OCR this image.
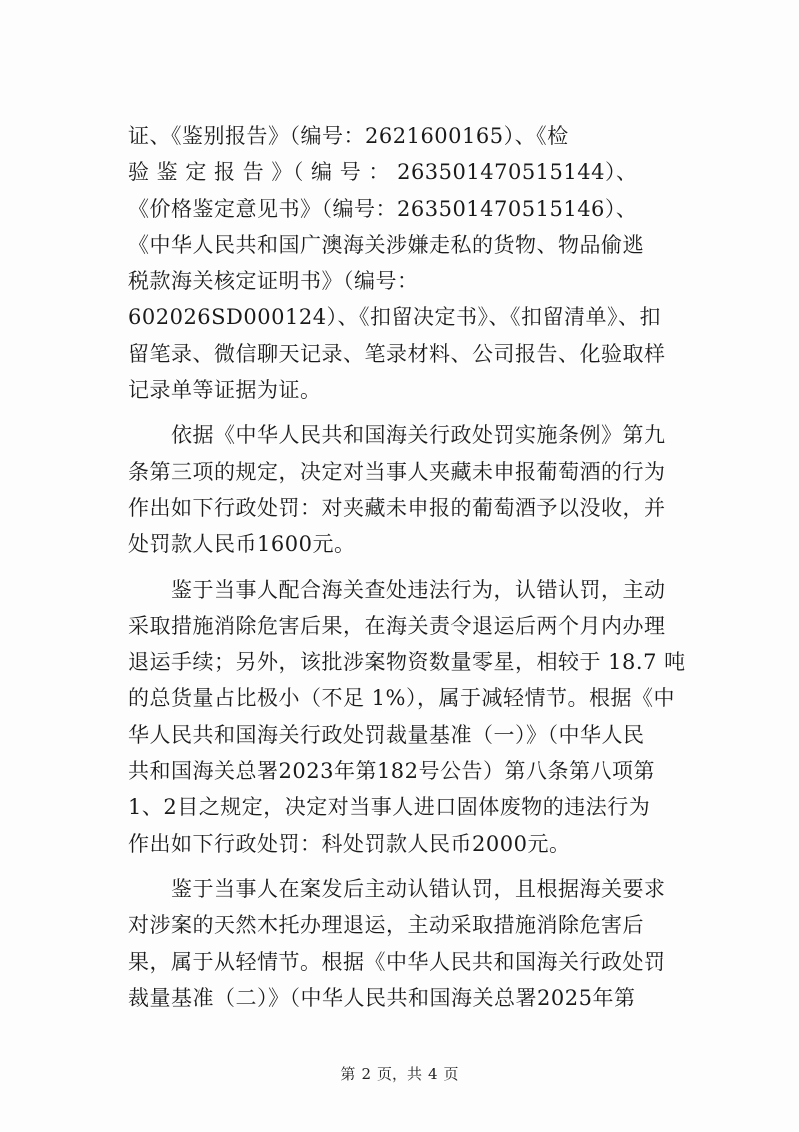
证、《鉴别报告》（编号：2621600165）、《检
验 鉴 定 报 告 》（ 编 号 ： 263501470515144）、
《价格鉴定意见书》（编号：263501470515146）、
《中华人民共和国广澳海关涉嫌走私的货物、物品偷逃
税款海关核定证明书》（编号：
602026SD000124）、《扣留决定书》、《扣留清单》、扣
留笔录、微信聊天记录、笔录材料、公司报告、化验取样
记录单等证据为证。
　　依据《中华人民共和国海关行政处罚实施条例》第九
条第三项的规定，决定对当事人夹藏未申报葡萄酒的行为
作出如下行政处罚：对夹藏未申报的葡萄酒予以没收，并
处罚款人民币1600元。
　　鉴于当事人配合海关查处违法行为，认错认罚，主动
采取措施消除危害后果，在海关责令退运后两个月内办理
退运手续；另外，该批涉案物资数量零星，相较于 18.7 吨
的总货量占比极小（不足 1%），属于减轻情节。根据《中
华人民共和国海关行政处罚裁量基准（一）》（中华人民
共和国海关总署2023年第182号公告）第八条第八项第
1、2目之规定，决定对当事人进口固体废物的违法行为
作出如下行政处罚：科处罚款人民币2000元。
　　鉴于当事人在案发后主动认错认罚，且根据海关要求
对涉案的天然木托办理退运，主动采取措施消除危害后
果，属于从轻情节。根据《中华人民共和国海关行政处罚
裁量基准（二）》（中华人民共和国海关总署2025年第
第 2 页，共 4 页
